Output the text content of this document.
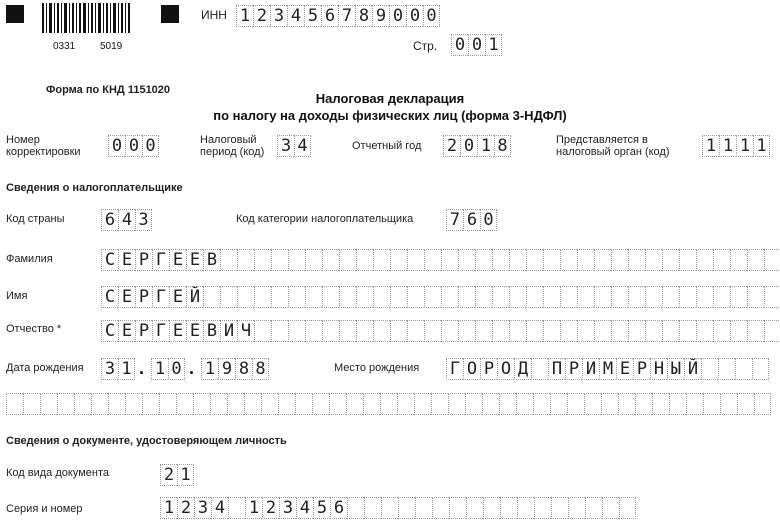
0331 5019
ИНН 1 2 3 4 5 6 7 8 9 0 0 0
Стр. 0 0 1
Форма по КНД 1151020
Налоговая декларация
по налогу на доходы физических лиц (форма 3-НДФЛ)
Номер
корректировки 0 0 0	Налоговый
период (код) 3 4	Отчетный год 2 0 1 8	Представляется в
налоговый орган (код) 1 1 1 1
Сведения о налогоплательщике
Код страны 6 4 3	Код категории налогоплательщика 7 6 0
Фамилия	С Е Р Г Е Е В
Имя	С Е Р Г Е Й
Отчество *	С Е Р Г Е Е В И Ч
Дата рождения 3 1 . 1 0 . 1 9 8 8	Место рождения Г О Р О Д П Р И М Е Р Н Ы Й
Сведения о документе, удостоверяющем личность
Код вида документа	2 1
Серия и номер	1 2 3 4 1 2 3 4 5 6
